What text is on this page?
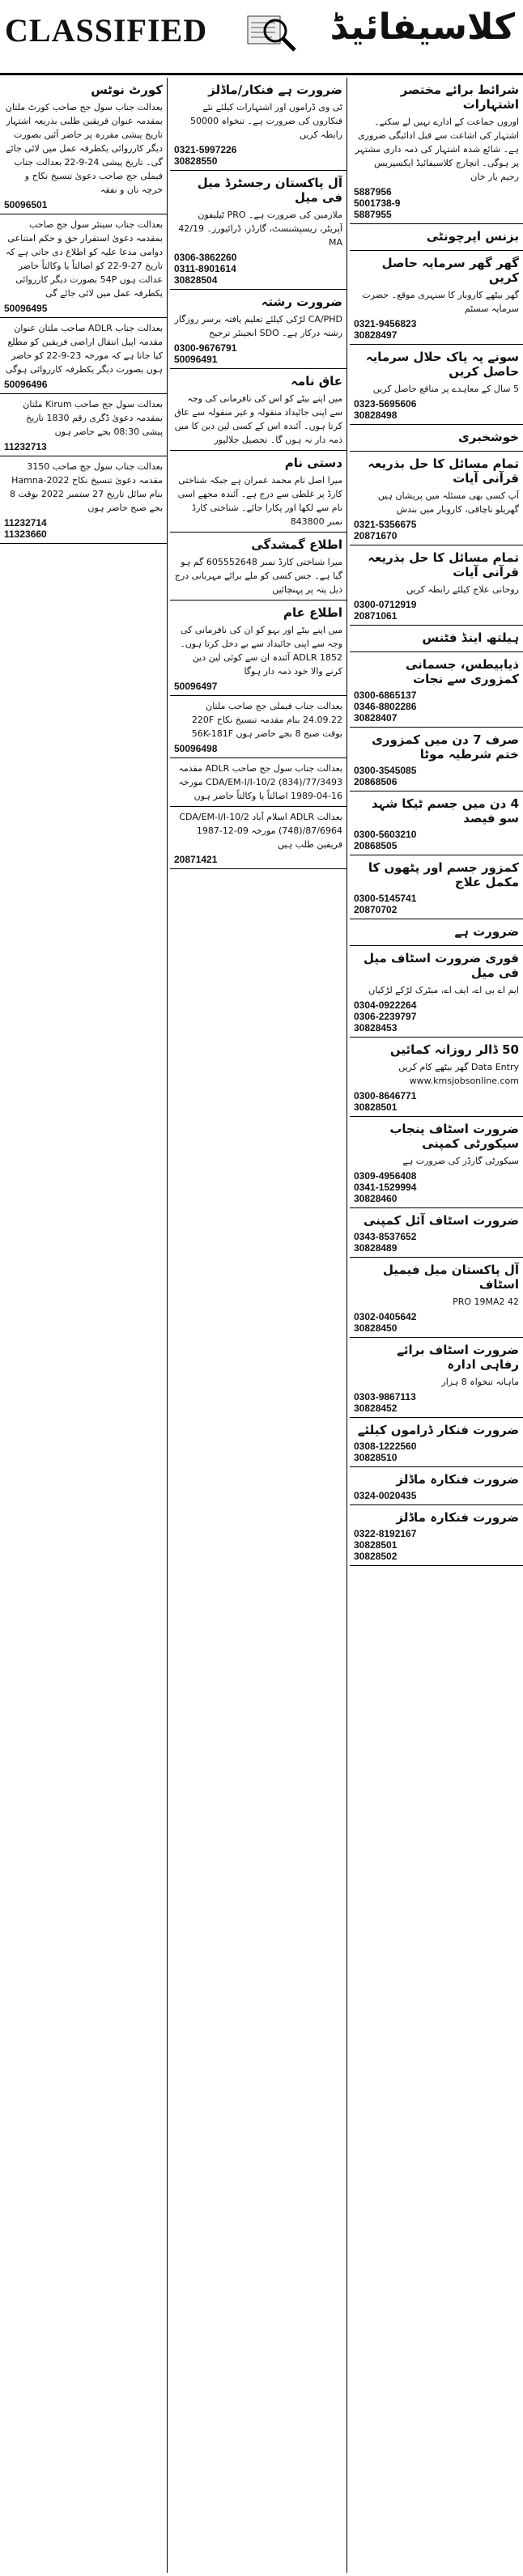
CLASSIFIED	کلاسیفائیڈ
کورٹ نوٹس
بعدالت جناب سول جج صاحب کورٹ ملتان بمقدمہ عنوان فریقین طلبی بذریعہ اشتہار تاریخ پیشی مقررہ پر حاضر آئیں بصورت دیگر کارروائی یکطرفہ عمل میں لائی جائے گی۔ تاریخ پیشی 24-9-22 بعدالت جناب فیملی جج صاحب دعویٰ تنسیخ نکاح و خرچہ نان و نفقہ
50096501
بعدالت جناب سینئر سول جج صاحب بمقدمہ دعویٰ استقرار حق و حکم امتناعی دوامی مدعا علیہ کو اطلاع دی جاتی ہے کہ تاریخ 27-9-22 کو اصالتاً یا وکالتاً حاضر عدالت ہوں 54P بصورت دیگر کارروائی یکطرفہ عمل میں لائی جائے گی
50096495
بعدالت جناب ADLR صاحب ملتان عنوان مقدمہ اپیل انتقال اراضی فریقین کو مطلع کیا جاتا ہے کہ مورخہ 23-9-22 کو حاضر ہوں بصورت دیگر یکطرفہ کارروائی ہوگی
50096496
بعدالت سول جج صاحب Kirum ملتان بمقدمہ دعویٰ ڈگری رقم 1830 تاریخ پیشی 08:30 بجے حاضر ہوں
11232713
بعدالت جناب سول جج صاحب 3150 مقدمہ دعویٰ تنسیخ نکاح Hamna-2022 بنام سائل تاریخ 27 ستمبر 2022 بوقت 8 بجے صبح حاضر ہوں
11232714
11323660
ضرورت ہے فنکار/ماڈلز
ٹی وی ڈراموں اور اشتہارات کیلئے نئے فنکاروں کی ضرورت ہے۔ تنخواہ 50000 رابطہ کریں
0321-5997226
30828550
آل پاکستان رجسٹرڈ میل فی میل
ملازمین کی ضرورت ہے۔ PRO ٹیلیفون آپریٹر، ریسپشنسٹ، گارڈز، ڈرائیورز۔ 42/19 MA
0306-3862260
0311-8901614
30828504
ضرورت رشتہ
CA/PHD لڑکی کیلئے تعلیم یافتہ برسر روزگار رشتہ درکار ہے۔ SDO انجینئر ترجیح
0300-9676791
50096491
عاق نامہ
میں اپنے بیٹے کو اس کی نافرمانی کی وجہ سے اپنی جائیداد منقولہ و غیر منقولہ سے عاق کرتا ہوں۔ آئندہ اس کے کسی لین دین کا میں ذمہ دار نہ ہوں گا۔ تحصیل جلالپور
دستی نام
میرا اصل نام محمد عمران ہے جبکہ شناختی کارڈ پر غلطی سے درج ہے۔ آئندہ مجھے اسی نام سے لکھا اور پکارا جائے۔ شناختی کارڈ نمبر 843800
اطلاع گمشدگی
میرا شناختی کارڈ نمبر 605552648 گم ہو گیا ہے۔ جس کسی کو ملے برائے مہربانی درج ذیل پتہ پر پہنچائیں
اطلاع عام
میں اپنے بیٹے اور بہو کو ان کی نافرمانی کی وجہ سے اپنی جائیداد سے بے دخل کرتا ہوں۔ ADLR 1852 آئندہ ان سے کوئی لین دین کرنے والا خود ذمہ دار ہوگا
50096497
بعدالت جناب فیملی جج صاحب ملتان 24.09.22 بنام مقدمہ تنسیخ نکاح 220F بوقت صبح 8 بجے حاضر ہوں 56K-181F
50096498
بعدالت جناب سول جج صاحب ADLR مقدمہ CDA/EM-I/I-10/2 (834)/77/3493 مورخہ 16-04-1989 اصالتاً یا وکالتاً حاضر ہوں
بعدالت ADLR اسلام آباد CDA/EM-I/I-10/2 (748)/87/6964 مورخہ 09-12-1987 فریقین طلب ہیں
20871421
شرائط برائے مختصر اشتہارات
اوروں جماعت کے ادارے نہیں لے سکتے۔ اشتہار کی اشاعت سے قبل ادائیگی ضروری ہے۔ شائع شدہ اشتہار کی ذمہ داری مشتہر پر ہوگی۔ انچارج کلاسیفائیڈ ایکسپریس رحیم یار خان
5887956
5001738-9
5887955
بزنس اپرچونٹی
گھر گھر سرمایہ حاصل کریں
گھر بیٹھے کاروبار کا سنہری موقع۔ حضرت سرمایہ سسٹم
0321-9456823
30828497
سونے پہ پاک حلال سرمایہ حاصل کریں
5 سال کے معاہدے پر منافع حاصل کریں
0323-5695606
30828498
خوشخبری
تمام مسائل کا حل بذریعہ قرآنی آیات
آپ کسی بھی مسئلہ میں پریشان ہیں گھریلو ناچاقی، کاروبار میں بندش
0321-5356675
20871670
تمام مسائل کا حل بذریعہ قرآنی آیات
روحانی علاج کیلئے رابطہ کریں
0300-0712919
20871061
ہیلتھ اینڈ فٹنس
ذیابیطس، جسمانی کمزوری سے نجات
0300-6865137
0346-8802286
30828407
صرف 7 دن میں کمزوری ختم شرطیہ موٹا
0300-3545085
20868506
4 دن میں جسم ٹیکا شہد سو فیصد
0300-5603210
20868505
کمزور جسم اور پٹھوں کا مکمل علاج
0300-5145741
20870702
ضرورت ہے
فوری ضرورت اسٹاف میل فی میل
ایم اے بی اے، ایف اے، میٹرک لڑکے لڑکیاں
0304-0922264
0306-2239797
30828453
50 ڈالر روزانہ کمائیں
Data Entry گھر بیٹھے کام کریں www.kmsjobsonline.com
0300-8646771
30828501
ضرورت اسٹاف پنجاب سیکورٹی کمپنی
سیکورٹی گارڈز کی ضرورت ہے
0309-4956408
0341-1529994
30828460
ضرورت اسٹاف آئل کمپنی
0343-8537652
30828489
آل پاکستان میل فیمیل اسٹاف
PRO 19MA2 42
0302-0405642
30828450
ضرورت اسٹاف برائے رفاہی ادارہ
ماہانہ تنخواہ 8 ہزار
0303-9867113
30828452
ضرورت فنکار ڈراموں کیلئے
0308-1222560
30828510
ضرورت فنکارہ ماڈلز
0324-0020435
ضرورت فنکارہ ماڈلز
0322-8192167
30828501
30828502
